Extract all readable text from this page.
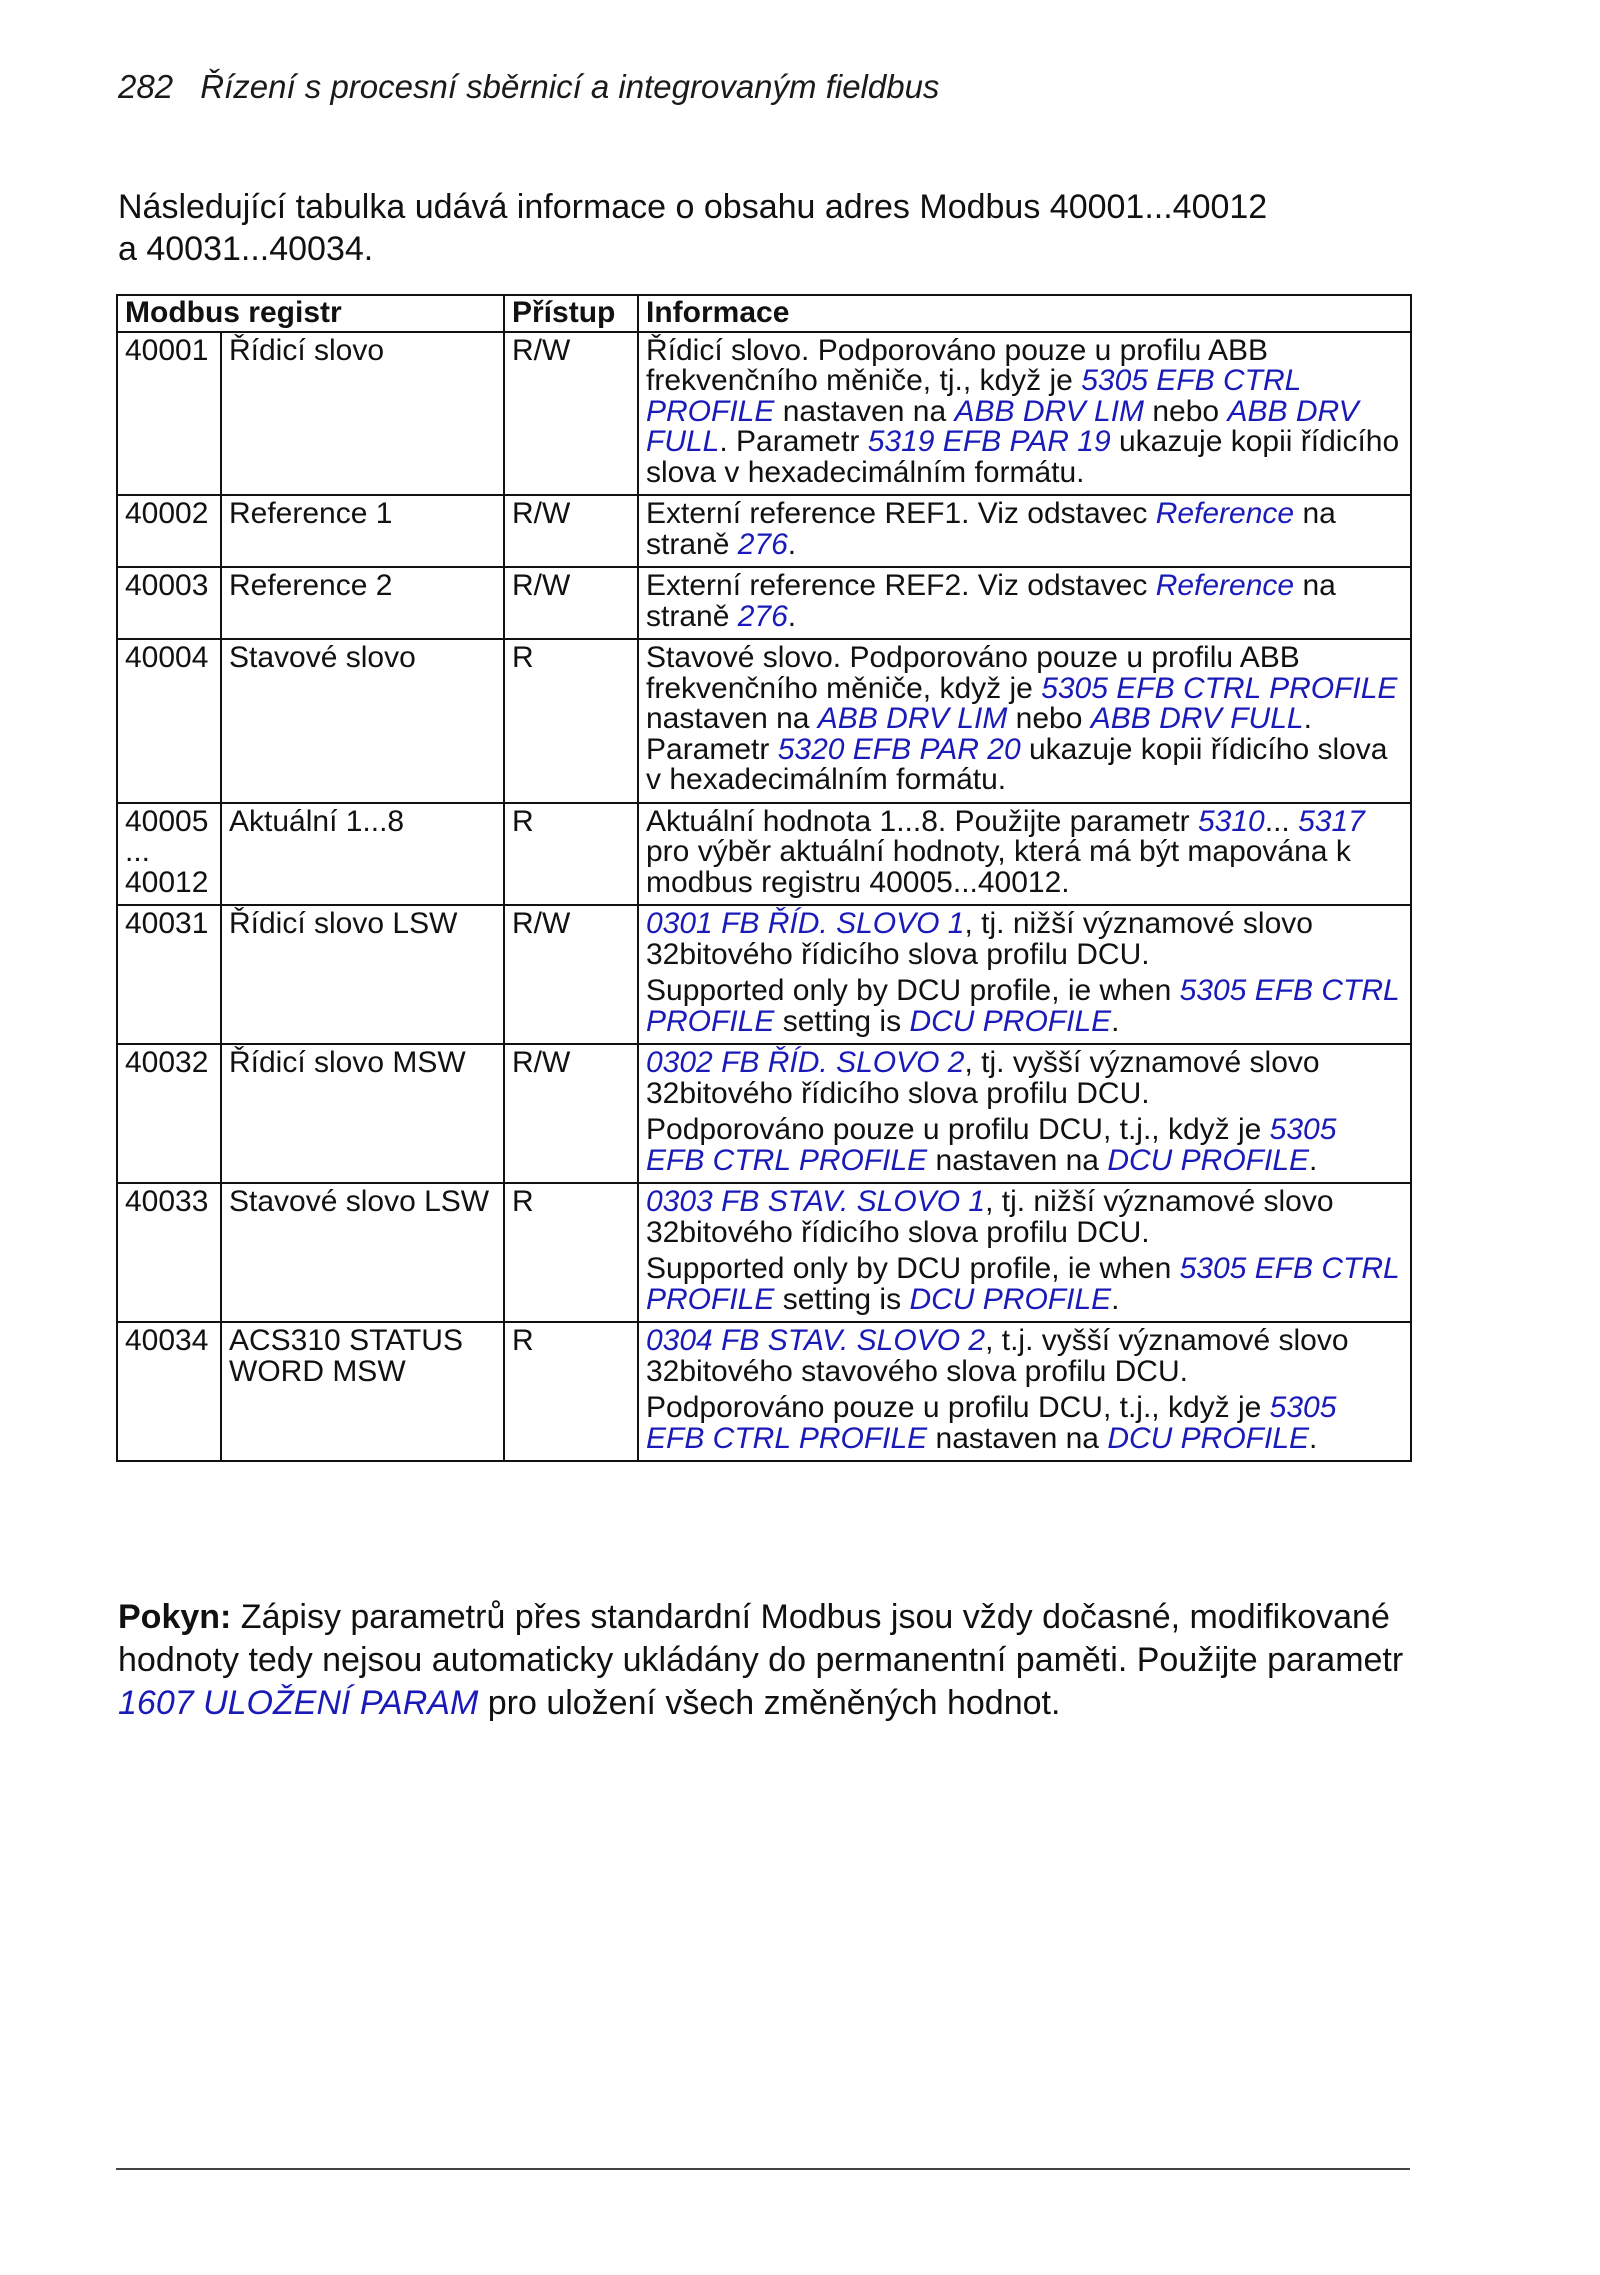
282 Řízení s procesní sběrnicí a integrovaným fieldbus

Následující tabulka udává informace o obsahu adres Modbus 40001...40012

a 40031...40034.

Modbus registr		Přístup	Informace
40001	Řídicí slovo	R/W	Řídicí slovo. Podporováno pouze u profilu ABB frekvenčního měniče, tj., když je 5305 EFB CTRL PROFILE nastaven na ABB DRV LIM nebo ABB DRV FULL. Parametr 5319 EFB PAR 19 ukazuje kopii řídicího slova v hexadecimálním formátu.

40002	Reference 1	R/W	Externí reference REF1. Viz odstavec Reference na straně 276.

40003	Reference 2	R/W	Externí reference REF2. Viz odstavec Reference na straně 276.

40004	Stavové slovo	R	Stavové slovo. Podporováno pouze u profilu ABB frekvenčního měniče, když je 5305 EFB CTRL PROFILE nastaven na ABB DRV LIM nebo ABB DRV FULL. Parametr 5320 EFB PAR 20 ukazuje kopii řídicího slova v hexadecimálním formátu.

40005
...
40012	Aktuální 1...8	R	Aktuální hodnota 1...8. Použijte parametr 5310... 5317 pro výběr aktuální hodnoty, která má být mapována k modbus registru 40005...40012.

40031	Řídicí slovo LSW	R/W	0301 FB ŘÍD. SLOVO 1, tj. nižší významové slovo 32bitového řídicího slova profilu DCU.

Supported only by DCU profile, ie when 5305 EFB CTRL PROFILE setting is DCU PROFILE.

40032	Řídicí slovo MSW	R/W	0302 FB ŘÍD. SLOVO 2, tj. vyšší významové slovo 32bitového řídicího slova profilu DCU.

Podporováno pouze u profilu DCU, t.j., když je 5305 EFB CTRL PROFILE nastaven na DCU PROFILE.

40033	Stavové slovo LSW	R	0303 FB STAV. SLOVO 1, tj. nižší významové slovo 32bitového řídicího slova profilu DCU.

Supported only by DCU profile, ie when 5305 EFB CTRL PROFILE setting is DCU PROFILE.

40034	ACS310 STATUS WORD MSW	R	0304 FB STAV. SLOVO 2, t.j. vyšší významové slovo 32bitového stavového slova profilu DCU.

Podporováno pouze u profilu DCU, t.j., když je 5305 EFB CTRL PROFILE nastaven na DCU PROFILE.

Pokyn: Zápisy parametrů přes standardní Modbus jsou vždy dočasné, modifikované hodnoty tedy nejsou automaticky ukládány do permanentní paměti. Použijte parametr 1607 ULOŽENÍ PARAM pro uložení všech změněných hodnot.
